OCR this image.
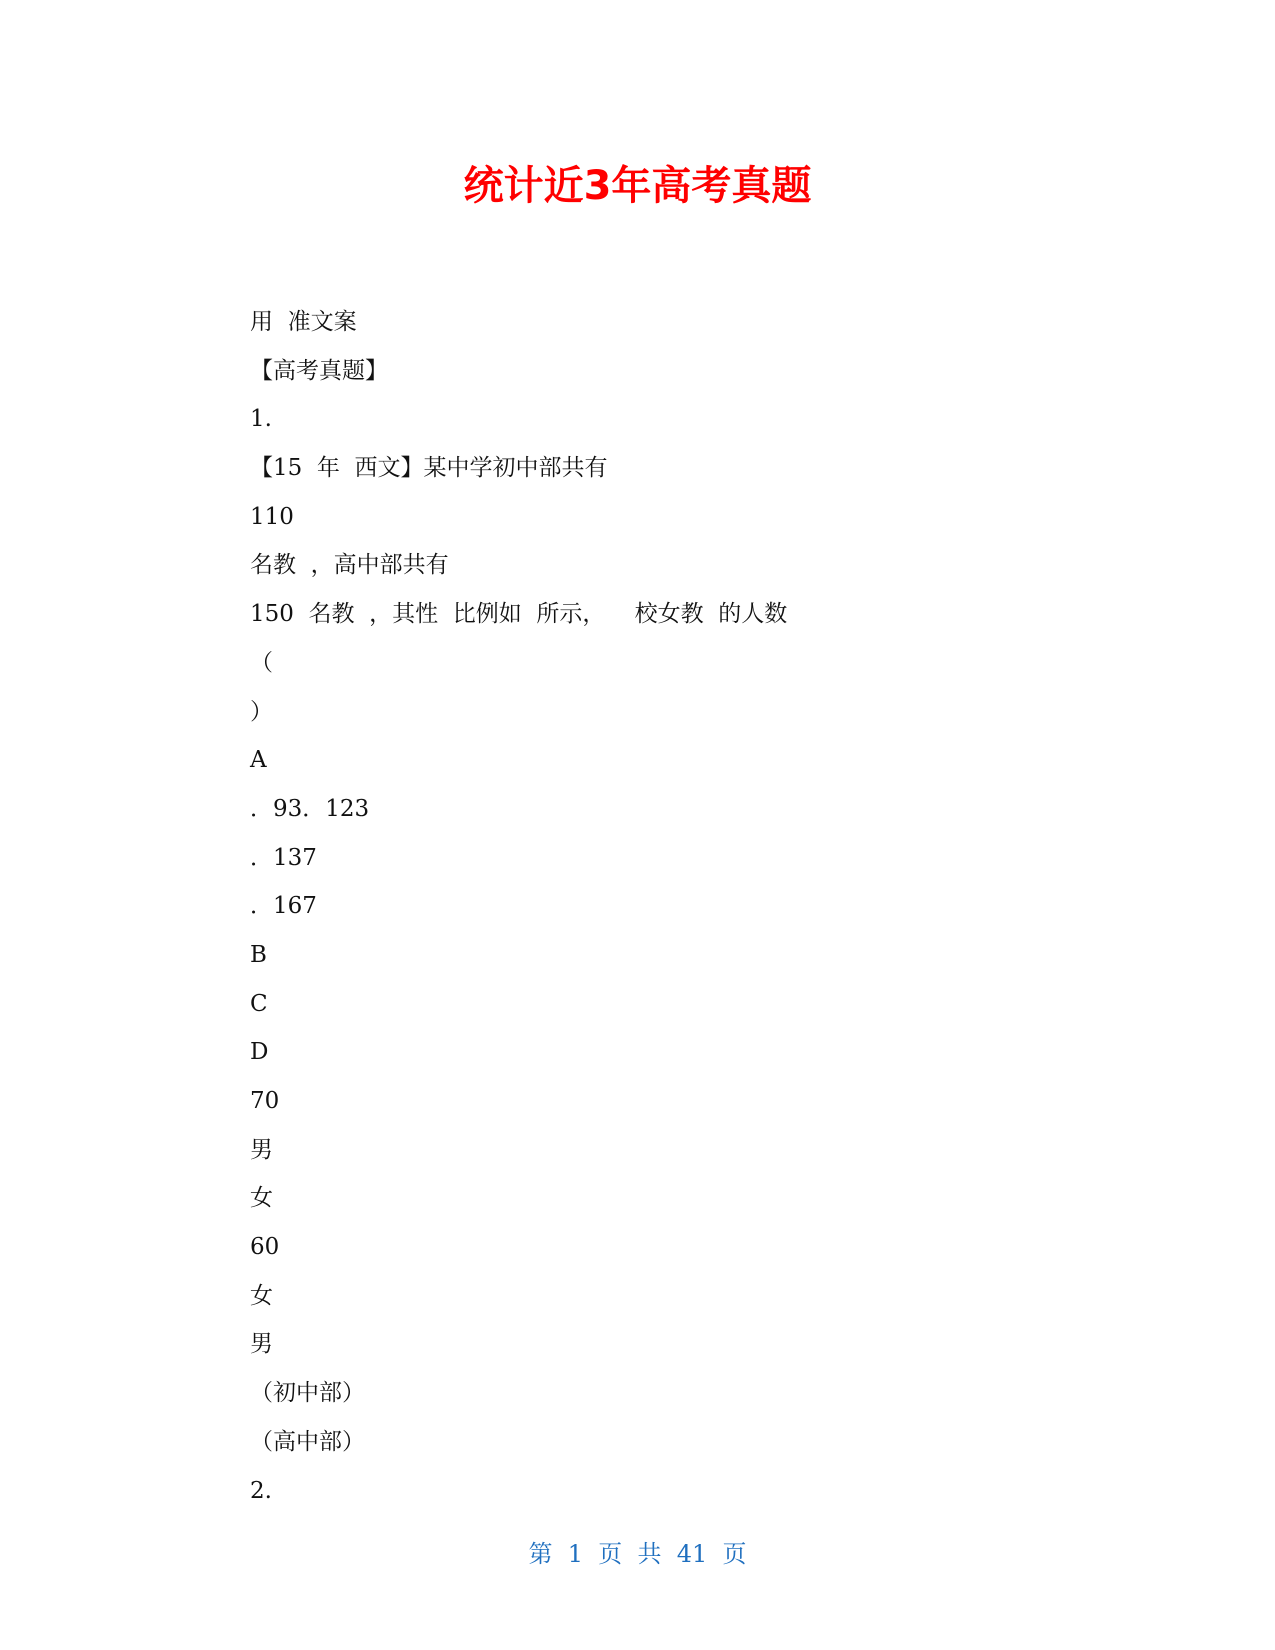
统计近3年高考真题
用  准文案
【高考真题】
1.
【15  年  西文】某中学初中部共有
110
名教  ，高中部共有
150  名教  ，其性  比例如  所示，    校女教  的人数
（
）
A
．93．123
．137
．167
B
C
D
70
男
女
60
女
男
（初中部）
（高中部）
2.
第  1  页  共  41  页
